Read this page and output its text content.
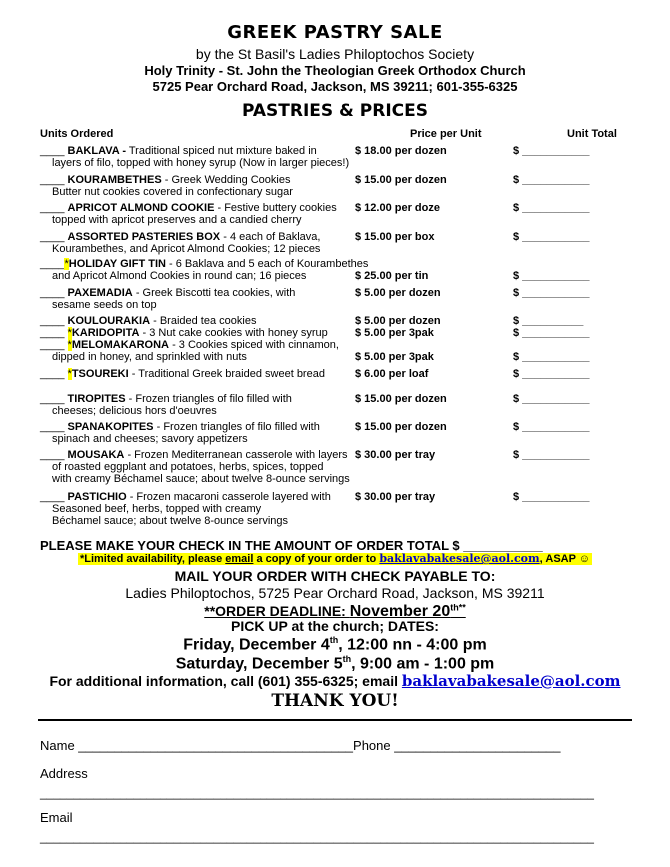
GREEK PASTRY SALE
by the St Basil's Ladies Philoptochos Society
Holy Trinity - St. John the Theologian Greek Orthodox Church
5725 Pear Orchard Road, Jackson, MS 39211; 601-355-6325
PASTRIES & PRICES
Units Ordered	Price per Unit	Unit Total
____ BAKLAVA - Traditional spiced nut mixture baked in
layers of filo, topped with honey syrup (Now in larger pieces!)
$ 18.00 per dozen	$ ___________
____ KOURAMBETHES - Greek Wedding Cookies
Butter nut cookies covered in confectionary sugar
$ 15.00 per dozen	$ ___________
____ APRICOT ALMOND COOKIE - Festive buttery cookies
topped with apricot preserves and a candied cherry
$ 12.00 per doze	$ ___________
____ ASSORTED PASTERIES BOX - 4 each of Baklava,
Kourambethes, and Apricot Almond Cookies; 12 pieces
$ 15.00 per box	$ ___________
____*HOLIDAY GIFT TIN - 6 Baklava and 5 each of Kourambethes
and Apricot Almond Cookies in round can; 16 pieces	$ 25.00 per tin	$ ___________
____ PAXEMADIA - Greek Biscotti tea cookies, with
sesame seeds on top
$ 5.00 per dozen	$ ___________
____ KOULOURAKIA - Braided tea cookies	$ 5.00 per dozen	$ __________
____ *KARIDOPITA - 3 Nut cake cookies with honey syrup $ 5.00 per 3pak	$ ___________
____ *MELOMAKARONA - 3 Cookies spiced with cinnamon,
dipped in honey, and sprinkled with nuts	$ 5.00 per 3pak	$ ___________
____ *TSOUREKI - Traditional Greek braided sweet bread	$ 6.00 per loaf	$ ___________
____ TIROPITES - Frozen triangles of filo filled with
cheeses; delicious hors d'oeuvres
$ 15.00 per dozen	$ ___________
____ SPANAKOPITES - Frozen triangles of filo filled with
spinach and cheeses; savory appetizers
$ 15.00 per dozen	$ ___________
____ MOUSAKA - Frozen Mediterranean casserole with layers
of roasted eggplant and potatoes, herbs, spices, topped
with creamy Béchamel sauce; about twelve 8-ounce servings
$ 30.00 per tray	$ ___________
____ PASTICHIO - Frozen macaroni casserole layered with
Seasoned beef, herbs, topped with creamy
Béchamel sauce; about twelve 8-ounce servings
$ 30.00 per tray	$ ___________
PLEASE MAKE YOUR CHECK IN THE AMOUNT OF ORDER TOTAL $ ___________
*Limited availability, please email a copy of your order to baklavabakesale@aol.com, ASAP ☺
MAIL YOUR ORDER WITH CHECK PAYABLE TO:
Ladies Philoptochos, 5725 Pear Orchard Road, Jackson, MS 39211
**ORDER DEADLINE: November $20^{th**}$
PICK UP at the church; DATES:
Friday, December 4th, 12:00 nn - 4:00 pm
Saturday, December 5th, 9:00 am - 1:00 pm
For additional information, call (601) 355-6325; email baklavabakesale@aol.com
THANK YOU!
Name ______________________________________Phone _______________________
Address
___________________________________________________________________________________
Email
___________________________________________________________________________________
